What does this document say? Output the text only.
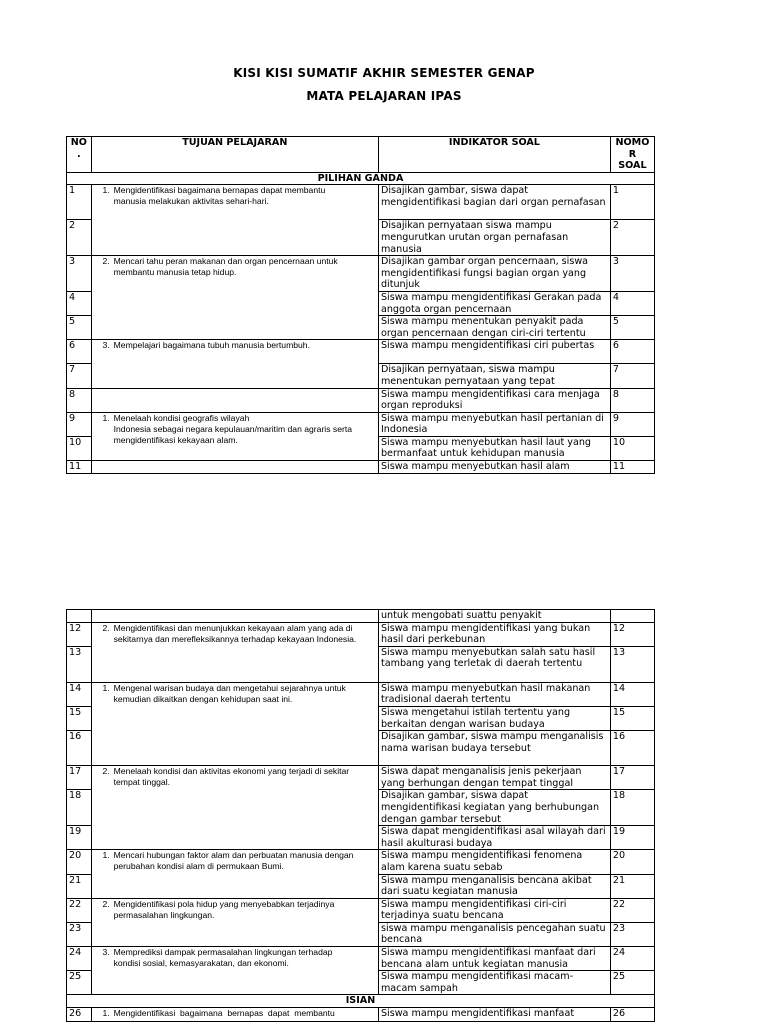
KISI KISI SUMATIF AKHIR SEMESTER GENAP
MATA PELAJARAN IPAS
NO
.	TUJUAN PELAJARAN	INDIKATOR SOAL	NOMO
R
SOAL
PILIHAN GANDA			
1	1. Mengidentifikasi bagaimana bernapas dapat membantu manusia melakukan aktivitas sehari-hari.	Disajikan gambar, siswa dapat mengidentifikasi bagian dari organ pernafasan	1
2		Disajikan pernyataan siswa mampu mengurutkan urutan organ pernafasan manusia	2
3	2. Mencari tahu peran makanan dan organ pencernaan untuk membantu manusia tetap hidup.	Disajikan gambar organ pencernaan, siswa mengidentifikasi fungsi bagian organ yang ditunjuk	3
4		Siswa mampu mengidentifikasi Gerakan pada anggota organ pencernaan	4
5		Siswa mampu menentukan penyakit pada organ pencernaan dengan ciri-ciri tertentu	5
6	3. Mempelajari bagaimana tubuh manusia bertumbuh.	Siswa mampu mengidentifikasi ciri pubertas	6
7		Disajikan pernyataan, siswa mampu menentukan pernyataan yang tepat	7
8		Siswa mampu mengidentifikasi cara menjaga organ reproduksi	8
9	1. Menelaah kondisi geografis wilayah
Indonesia sebagai negara kepulauan/maritim dan agraris serta mengidentifikasi kekayaan alam.	Siswa mampu menyebutkan hasil pertanian di Indonesia	9
10		Siswa mampu menyebutkan hasil laut yang bermanfaat untuk kehidupan manusia	10
11		Siswa mampu menyebutkan hasil alam	11
		untuk mengobati suattu penyakit	
12	2. Mengidentifikasi dan menunjukkan kekayaan alam yang ada di sekitarnya dan merefleksikannya terhadap kekayaan Indonesia.	Siswa mampu mengidentifikasi yang bukan hasil dari perkebunan	12
13		Siswa mampu menyebutkan salah satu hasil tambang yang terletak di daerah tertentu	13
14	1. Mengenal warisan budaya dan mengetahui sejarahnya untuk kemudian dikaitkan dengan kehidupan saat ini.	Siswa mampu menyebutkan hasil makanan tradisional daerah tertentu	14
15		Siswa mengetahui istilah tertentu yang berkaitan dengan warisan budaya	15
16		Disajikan gambar, siswa mampu menganalisis nama warisan budaya tersebut	16
17	2. Menelaah kondisi dan aktivitas ekonomi yang terjadi di sekitar tempat tinggal.	Siswa dapat menganalisis jenis pekerjaan yang berhungan dengan tempat tinggal	17
18		Disajikan gambar, siswa dapat mengidentifikasi kegiatan yang berhubungan dengan gambar tersebut	18
19		Siswa dapat mengidentifikasi asal wilayah dari hasil akulturasi budaya	19
20	1. Mencari hubungan faktor alam dan perbuatan manusia dengan perubahan kondisi alam di permukaan Bumi.	Siswa mampu mengidentifikasi fenomena alam karena suatu sebab	20
21		Siswa mampu menganalisis bencana akibat dari suatu kegiatan manusia	21
22	2. Mengidentifikasi pola hidup yang menyebabkan terjadinya permasalahan lingkungan.	Siswa mampu mengidentifikasi ciri-ciri terjadinya suatu bencana	22
23		siswa mampu menganalisis pencegahan suatu bencana	23
24	3. Memprediksi dampak permasalahan lingkungan terhadap kondisi sosial, kemasyarakatan, dan ekonomi.	Siswa mampu mengidentifikasi manfaat dari bencana alam untuk kegiatan manusia	24
25		Siswa mampu mengidentifikasi macam-macam sampah	25
ISIAN			
26	1. Mengidentifikasi  bagaimana  bernapas  dapat  membantu	Siswa mampu mengidentifikasi manfaat	26
